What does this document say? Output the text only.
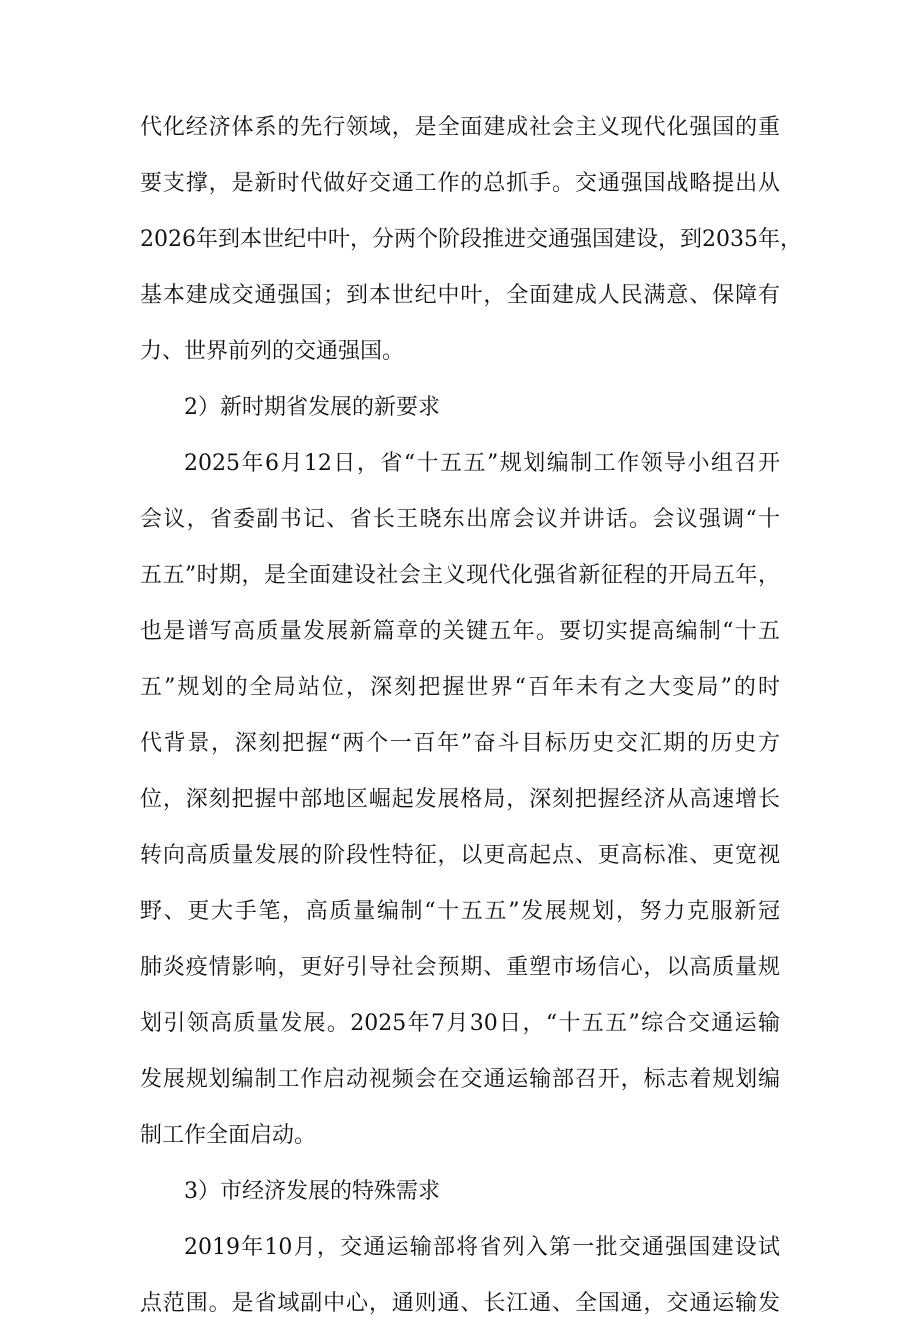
代化经济体系的先行领域，是全面建成社会主义现代化强国的重
要支撑，是新时代做好交通工作的总抓手。交通强国战略提出从
2026年到本世纪中叶，分两个阶段推进交通强国建设，到2035年，
基本建成交通强国；到本世纪中叶，全面建成人民满意、保障有
力、世界前列的交通强国。
2）新时期省发展的新要求
2025年6月12日，省“十五五”规划编制工作领导小组召开
会议，省委副书记、省长王晓东出席会议并讲话。会议强调“十
五五”时期，是全面建设社会主义现代化强省新征程的开局五年，
也是谱写高质量发展新篇章的关键五年。要切实提高编制“十五
五”规划的全局站位，深刻把握世界“百年未有之大变局”的时
代背景，深刻把握“两个一百年”奋斗目标历史交汇期的历史方
位，深刻把握中部地区崛起发展格局，深刻把握经济从高速增长
转向高质量发展的阶段性特征，以更高起点、更高标准、更宽视
野、更大手笔，高质量编制“十五五”发展规划，努力克服新冠
肺炎疫情影响，更好引导社会预期、重塑市场信心，以高质量规
划引领高质量发展。2025年7月30日，“十五五”综合交通运输
发展规划编制工作启动视频会在交通运输部召开，标志着规划编
制工作全面启动。
3）市经济发展的特殊需求
2019年10月，交通运输部将省列入第一批交通强国建设试
点范围。是省域副中心，通则通、长江通、全国通，交通运输发
